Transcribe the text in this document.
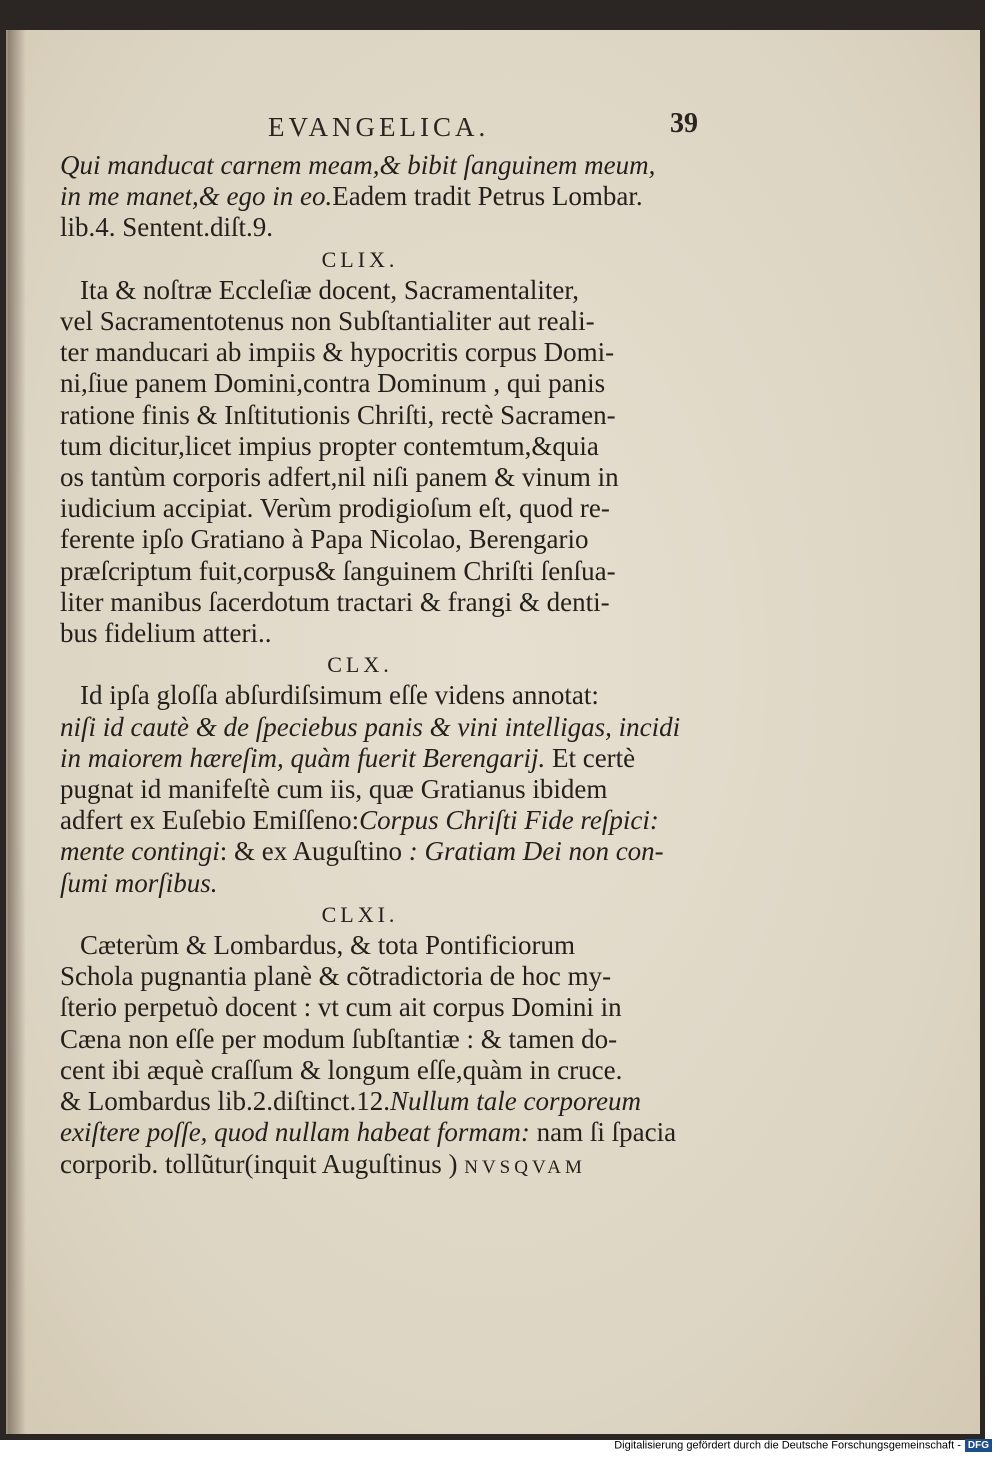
EVANGELICA.	39
Qui manducat carnem meam,& bibit ſanguinem meum,
in me manet,& ego in eo.Eadem tradit Petrus Lombar.
lib.4. Sentent.diſt.9.
CLIX.
Ita & noſtræ Eccleſiæ docent, Sacramentaliter,
vel Sacramentotenus non Subſtantialiter aut reali-
ter manducari ab impiis & hypocritis corpus Domi-
ni,ſiue panem Domini,contra Dominum , qui panis
ratione finis & Inſtitutionis Chriſti, rectè Sacramen-
tum dicitur,licet impius propter contemtum,&quia
os tantùm corporis adfert,nil niſi panem & vinum in
iudicium accipiat. Verùm prodigioſum eſt, quod re-
ferente ipſo Gratiano à Papa Nicolao, Berengario
præſcriptum fuit,corpus& ſanguinem Chriſti ſenſua-
liter manibus ſacerdotum tractari & frangi & denti-
bus fidelium atteri..
CLX.
Id ipſa gloſſa abſurdiſsimum eſſe videns annotat:
niſi id cautè & de ſpeciebus panis & vini intelligas, incidi
in maiorem hæreſim, quàm fuerit Berengarij. Et certè
pugnat id manifeſtè cum iis, quæ Gratianus ibidem
adfert ex Euſebio Emiſſeno:Corpus Chriſti Fide reſpici:
mente contingi: & ex Auguſtino : Gratiam Dei non con-
ſumi morſibus.
CLXI.
Cæterùm & Lombardus, & tota Pontificiorum
Schola pugnantia planè & cõtradictoria de hoc my-
ſterio perpetuò docent : vt cum ait corpus Domini in
Cæna non eſſe per modum ſubſtantiæ : & tamen do-
cent ibi æquè craſſum & longum eſſe,quàm in cruce.
& Lombardus lib.2.diſtinct.12.Nullum tale corporeum
exiſtere poſſe, quod nullam habeat formam: nam ſi ſpacia
corporib. tollũtur(inquit Auguſtinus ) NVSQVAM
Digitalisierung gefördert durch die Deutsche Forschungsgemeinschaft - DFG
